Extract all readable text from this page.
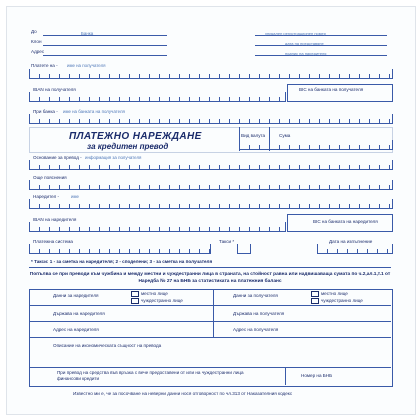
До	Банка
Клон
Адрес
уникален регистрационен номер
дата на представяне
подпис на наредителя
Платете на - име на получателя
IBAN на получателя	BIC на банката на получателя
При банка - име на банката на получателя
ПЛАТЕЖНО НАРЕЖДАНЕ
за кредитен превод
Вид валута	Сума
Основание за превод - информация за получателя
Още пояснения
Наредител -	име
IBAN на наредителя	BIC на банката на наредителя
Платежна система	Такси *	Дата на изпълнение
* Такси: 1 - за сметка на наредителя; 2 - споделени; 3 - за сметка на получателя
Попълва се при преводи към чужбина и между местни и чуждестранни лица в страната, на стойност равна или надвишаваща сумата по ч.2,ал.1,т.1 от Наредба № 27 на БНБ за статистиката на платежния баланс
Данни за наредителя	местно лице
чуждестранно лице
Данни за получателя	местно лице
чуждестранно лице
Държава на наредителя	Държава на получателя
Адрес на наредителя	Адрес на получателя
Описание на икономическата същност на превода
При превод на средства във връзка с вече предоставени от или на чуждестранни лица финансови кредити
Номер на БНБ
Известно ми е, че за посочване на неверни данни нося отговорност по чл.313 от Наказателния кодекс
